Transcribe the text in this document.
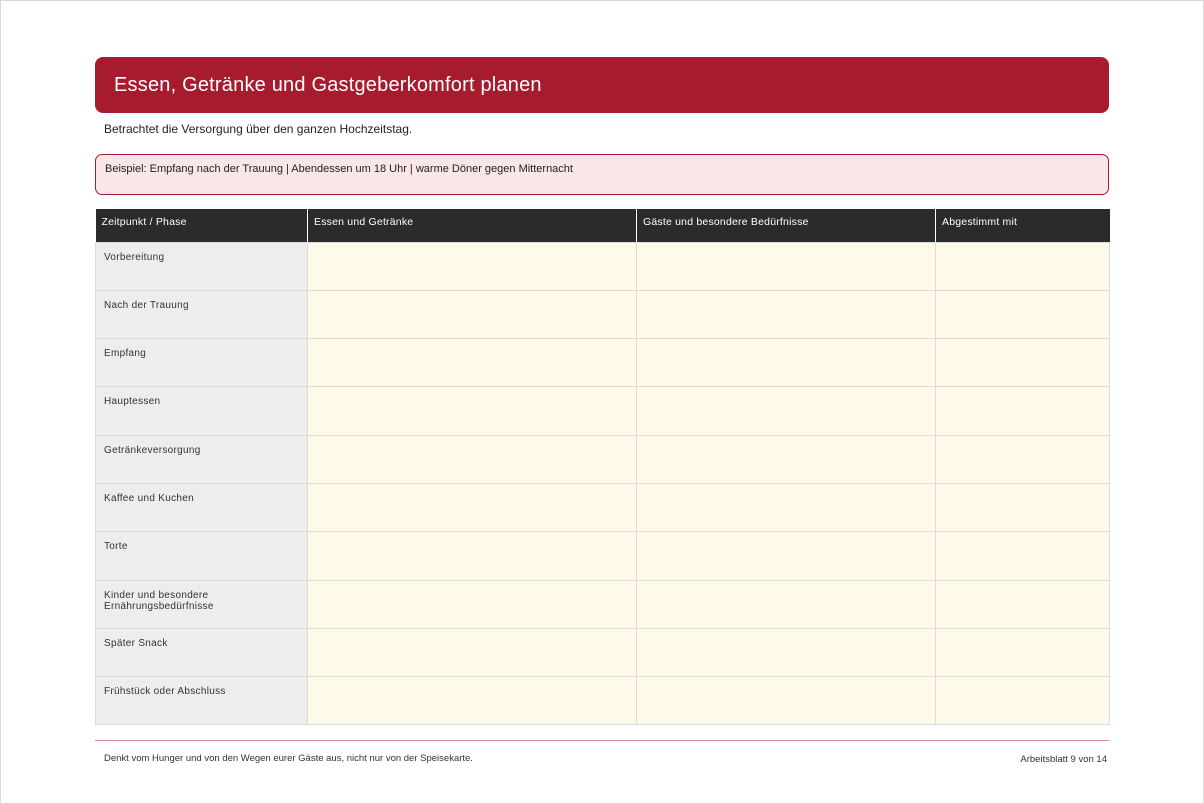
Essen, Getränke und Gastgeberkomfort planen
Betrachtet die Versorgung über den ganzen Hochzeitstag.
Beispiel: Empfang nach der Trauung | Abendessen um 18 Uhr | warme Döner gegen Mitternacht
Zeitpunkt / Phase	Essen und Getränke	Gäste und besondere Bedürfnisse	Abgestimmt mit
Vorbereitung			
Nach der Trauung			
Empfang			
Hauptessen			
Getränkeversorgung			
Kaffee und Kuchen			
Torte			
Kinder und besondere Ernährungsbedürfnisse			
Später Snack			
Frühstück oder Abschluss			
Denkt vom Hunger und von den Wegen eurer Gäste aus, nicht nur von der Speisekarte.	Arbeitsblatt 9 von 14
